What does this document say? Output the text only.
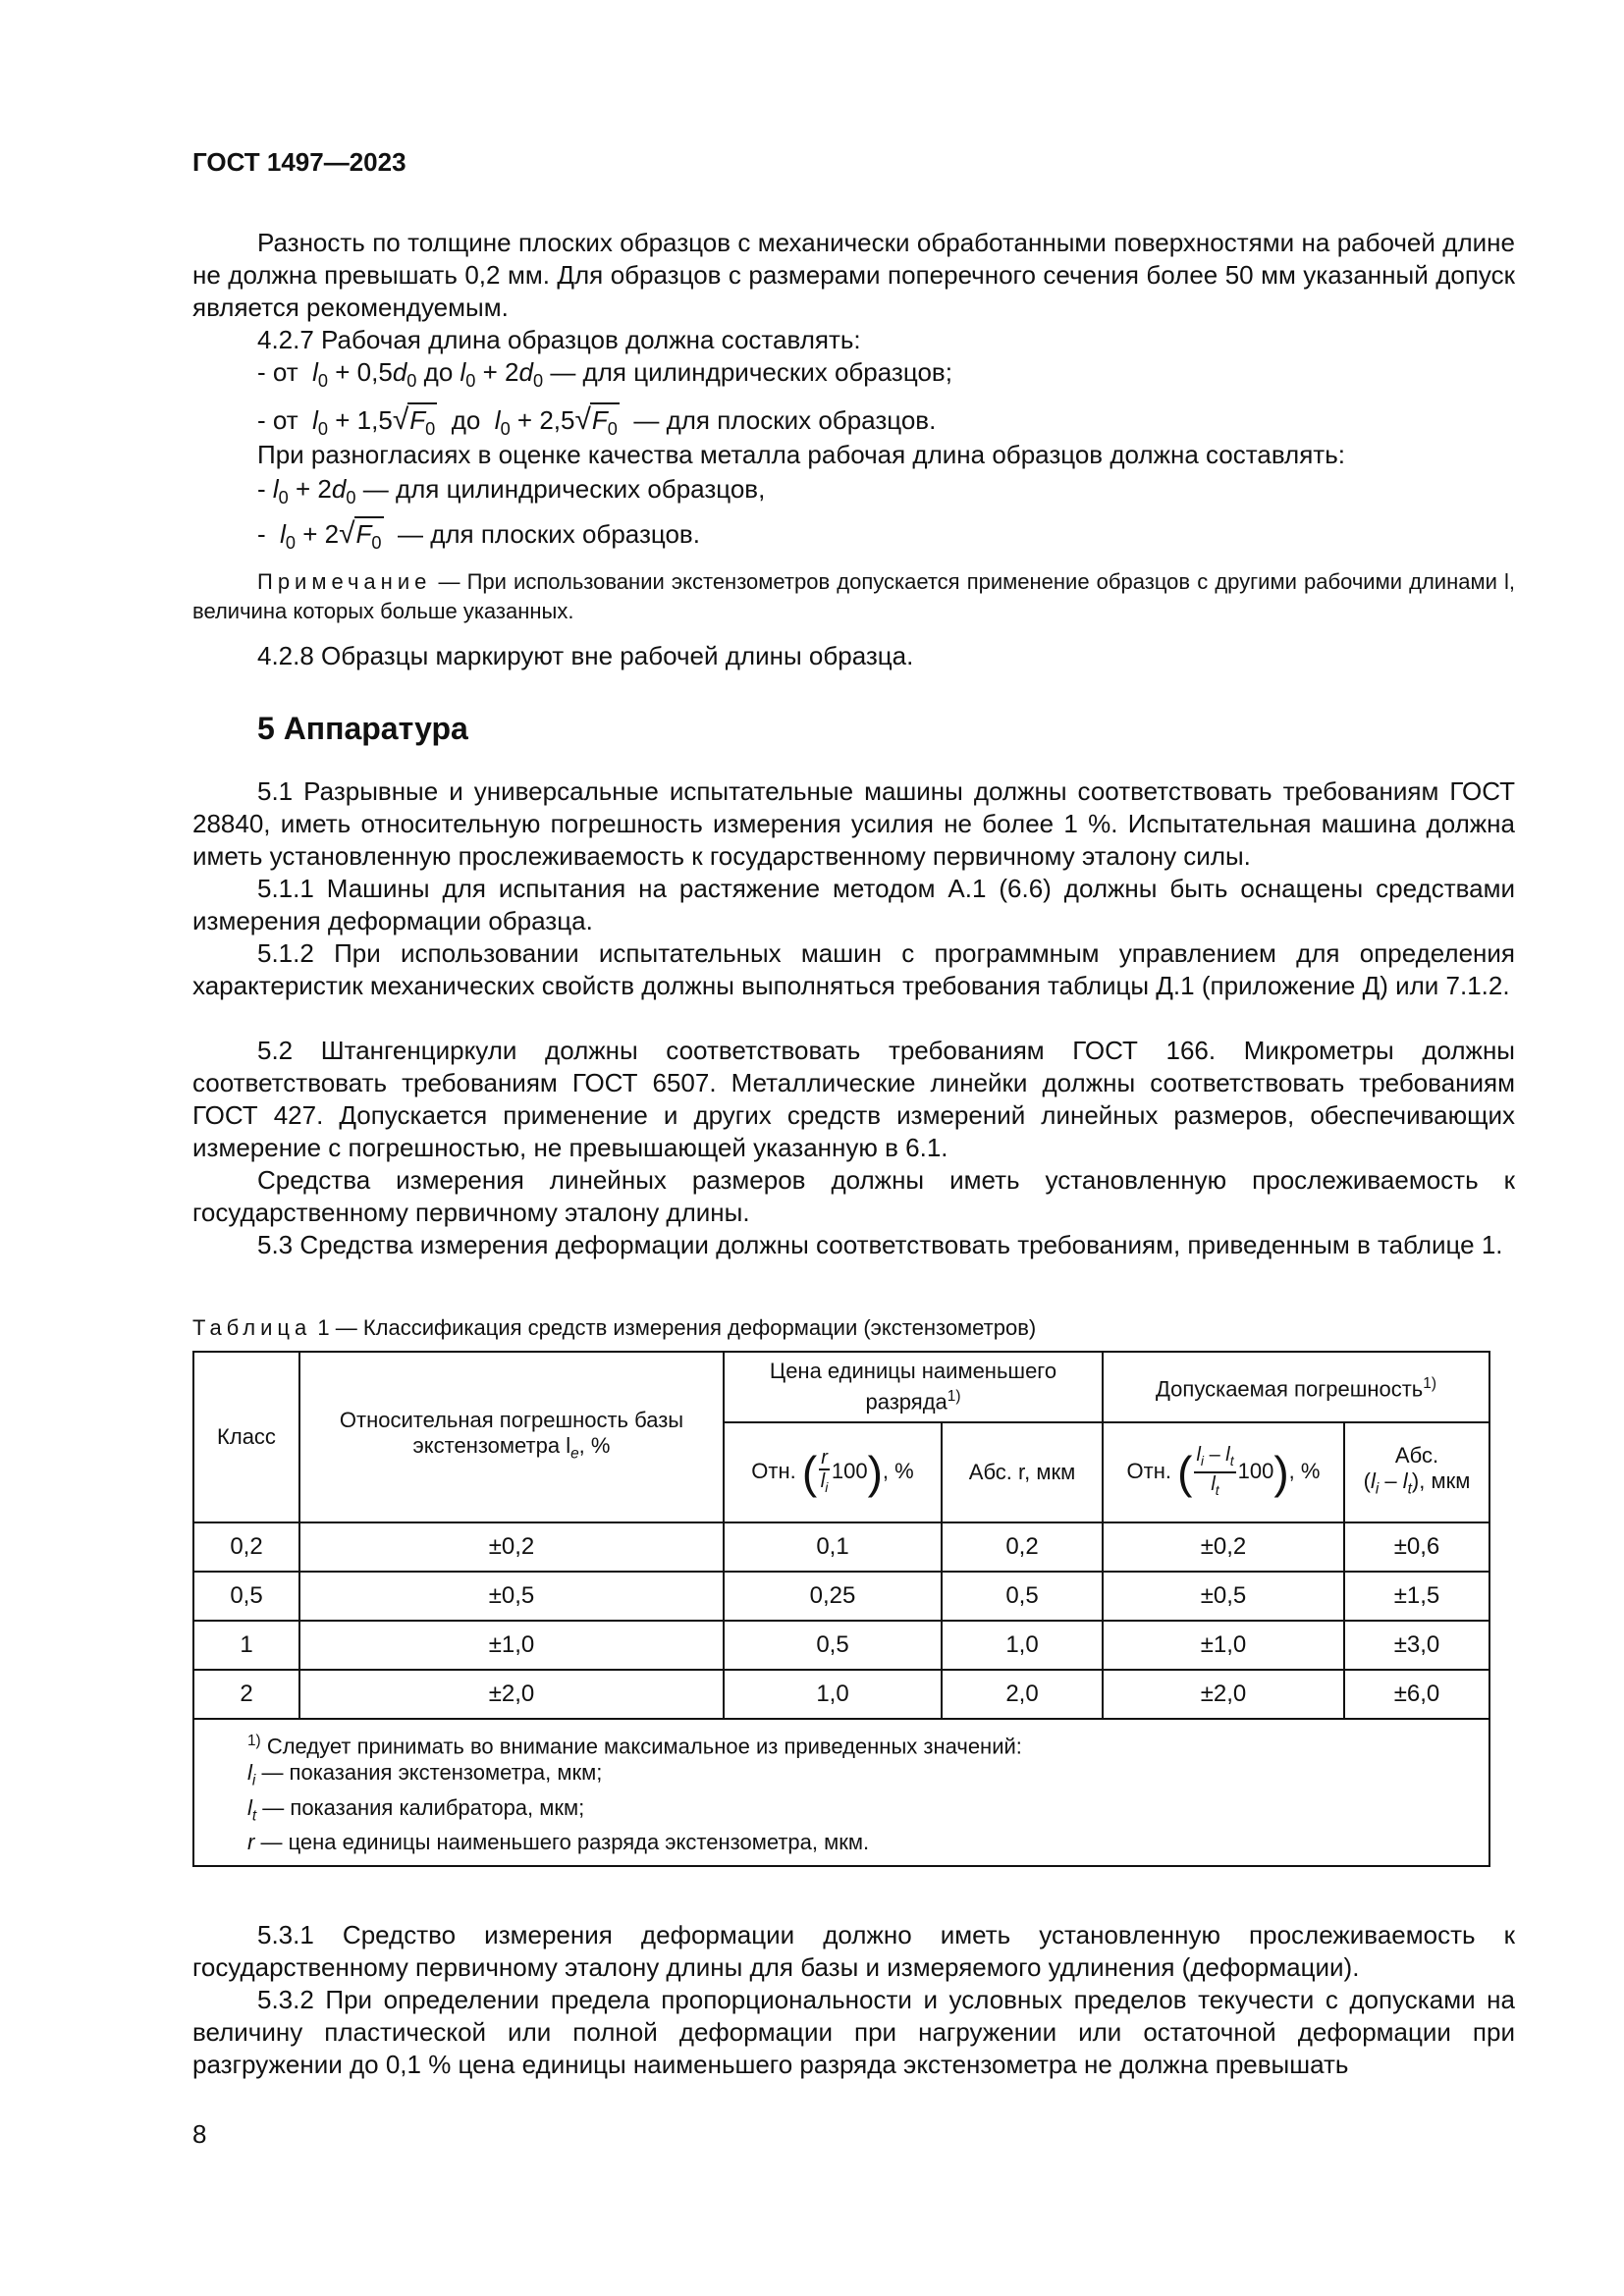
ГОСТ 1497—2023
Разность по толщине плоских образцов с механически обработанными поверхностями на рабочей длине не должна превышать 0,2 мм. Для образцов с размерами поперечного сечения более 50 мм указанный допуск является рекомендуемым.
4.2.7 Рабочая длина образцов должна составлять:
- от  $l_0 + 0,5d_0$ до $l_0 + 2d_0$ — для цилиндрических образцов;
- от  $l_0 + 1,5√F_0$  до  $l_0 + 2,5√F_0$ — для плоских образцов.
При разногласиях в оценке качества металла рабочая длина образцов должна составлять:
- $l_0 + 2d_0$ — для цилиндрических образцов,
-  $l_0 + 2√F_0$ — для плоских образцов.
Примечание — При использовании экстензометров допускается применение образцов с другими рабочими длинами l, величина которых больше указанных.
4.2.8 Образцы маркируют вне рабочей длины образца.
5 Аппаратура
5.1 Разрывные и универсальные испытательные машины должны соответствовать требованиям ГОСТ 28840, иметь относительную погрешность измерения усилия не более 1 %. Испытательная машина должна иметь установленную прослеживаемость к государственному первичному эталону силы.
5.1.1 Машины для испытания на растяжение методом А.1 (6.6) должны быть оснащены средствами измерения деформации образца.
5.1.2 При использовании испытательных машин с программным управлением для определения характеристик механических свойств должны выполняться требования таблицы Д.1 (приложение Д) или 7.1.2.
5.2 Штангенциркули должны соответствовать требованиям ГОСТ 166. Микрометры должны соответствовать требованиям ГОСТ 6507. Металлические линейки должны соответствовать требованиям ГОСТ 427. Допускается применение и других средств измерений линейных размеров, обеспечивающих измерение с погрешностью, не превышающей указанную в 6.1.
Средства измерения линейных размеров должны иметь установленную прослеживаемость к государственному первичному эталону длины.
5.3 Средства измерения деформации должны соответствовать требованиям, приведенным в таблице 1.
Таблица 1 — Классификация средств измерения деформации (экстензометров)
Класс	Относительная погрешность базы экстензометра $l_e$, %	Цена единицы наименьшего разряда$^{1)}$		Допускаемая погрешность$^{1)}$
		Отн. ( $\frac{r}{l_i} 100$), %	Абс. r, мкм	Отн. ( $\frac{l_i - l_t}{l_t} 100$), %	Абс.
$(l_i - l_t)$, мкм
0,2	±0,2	0,1	0,2	±0,2	±0,6
0,5	±0,5	0,25	0,5	±0,5	±1,5
1	±1,0	0,5	1,0	±1,0	±3,0
2	±2,0	1,0	2,0	±2,0	±6,0

$^{1)}$ Следует принимать во внимание максимальное из приведенных значений:
$l_i$ — показания экстензометра, мкм;
$l_t$ — показания калибратора, мкм;
r — цена единицы наименьшего разряда экстензометра, мкм.					
5.3.1 Средство измерения деформации должно иметь установленную прослеживаемость к государственному первичному эталону длины для базы и измеряемого удлинения (деформации).
5.3.2 При определении предела пропорциональности и условных пределов текучести с допусками на величину пластической или полной деформации при нагружении или остаточной деформации при разгружении до 0,1 % цена единицы наименьшего разряда экстензометра не должна превышать
8
